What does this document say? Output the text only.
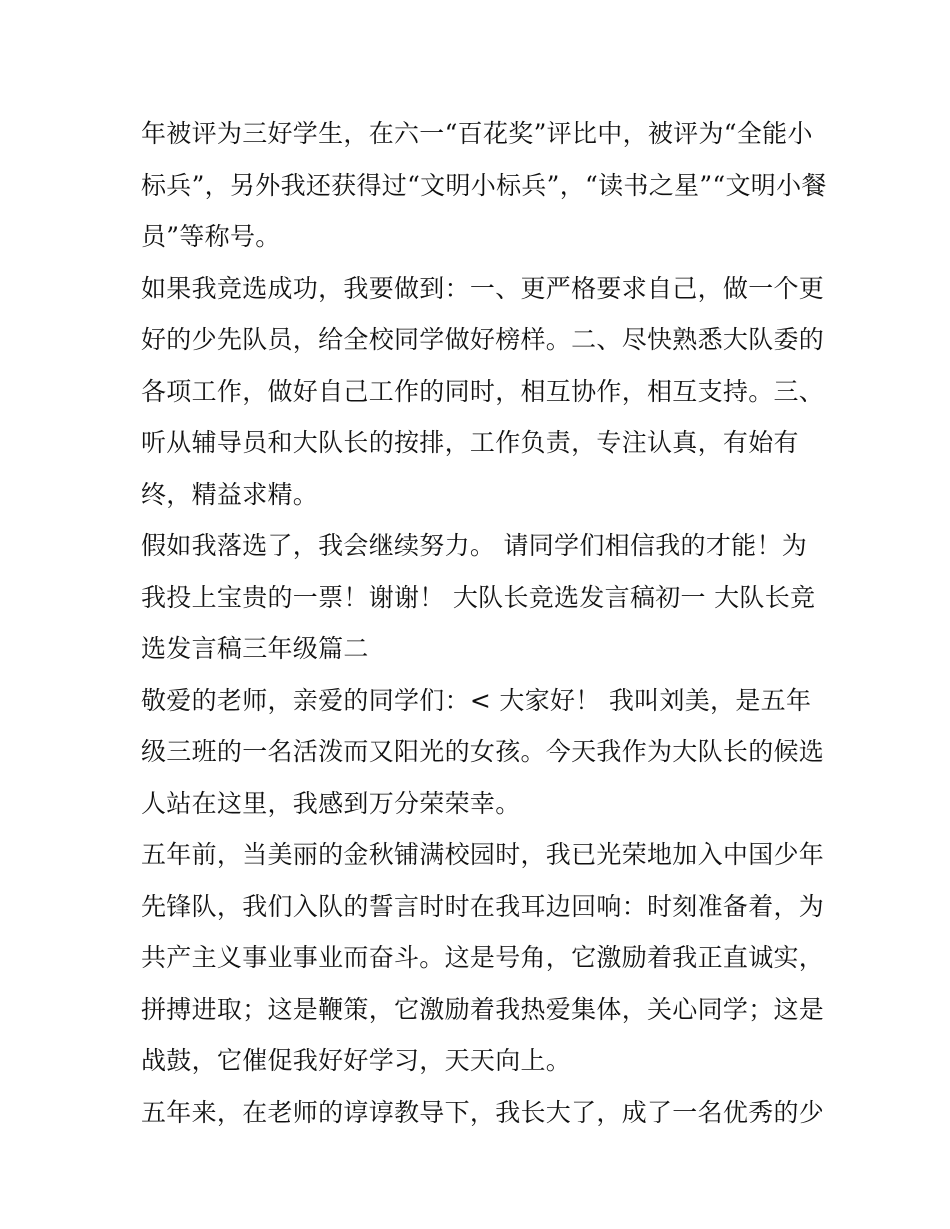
年被评为三好学生，在六一“百花奖”评比中，被评为“全能小
标兵”，另外我还获得过“文明小标兵”，“读书之星”“文明小餐
员”等称号。
如果我竞选成功，我要做到：一、更严格要求自己，做一个更
好的少先队员，给全校同学做好榜样。二、尽快熟悉大队委的
各项工作，做好自己工作的同时，相互协作，相互支持。三、
听从辅导员和大队长的按排，工作负责，专注认真，有始有
终，精益求精。
假如我落选了，我会继续努力。 请同学们相信我的才能！为
我投上宝贵的一票！谢谢！ 大队长竞选发言稿初一 大队长竞
选发言稿三年级篇二
敬爱的老师，亲爱的同学们：< 大家好！ 我叫刘美，是五年
级三班的一名活泼而又阳光的女孩。今天我作为大队长的候选
人站在这里，我感到万分荣荣幸。
五年前，当美丽的金秋铺满校园时，我已光荣地加入中国少年
先锋队，我们入队的誓言时时在我耳边回响：时刻准备着，为
共产主义事业事业而奋斗。这是号角，它激励着我正直诚实，
拼搏进取；这是鞭策，它激励着我热爱集体，关心同学；这是
战鼓，它催促我好好学习，天天向上。
五年来，在老师的谆谆教导下，我长大了，成了一名优秀的少
